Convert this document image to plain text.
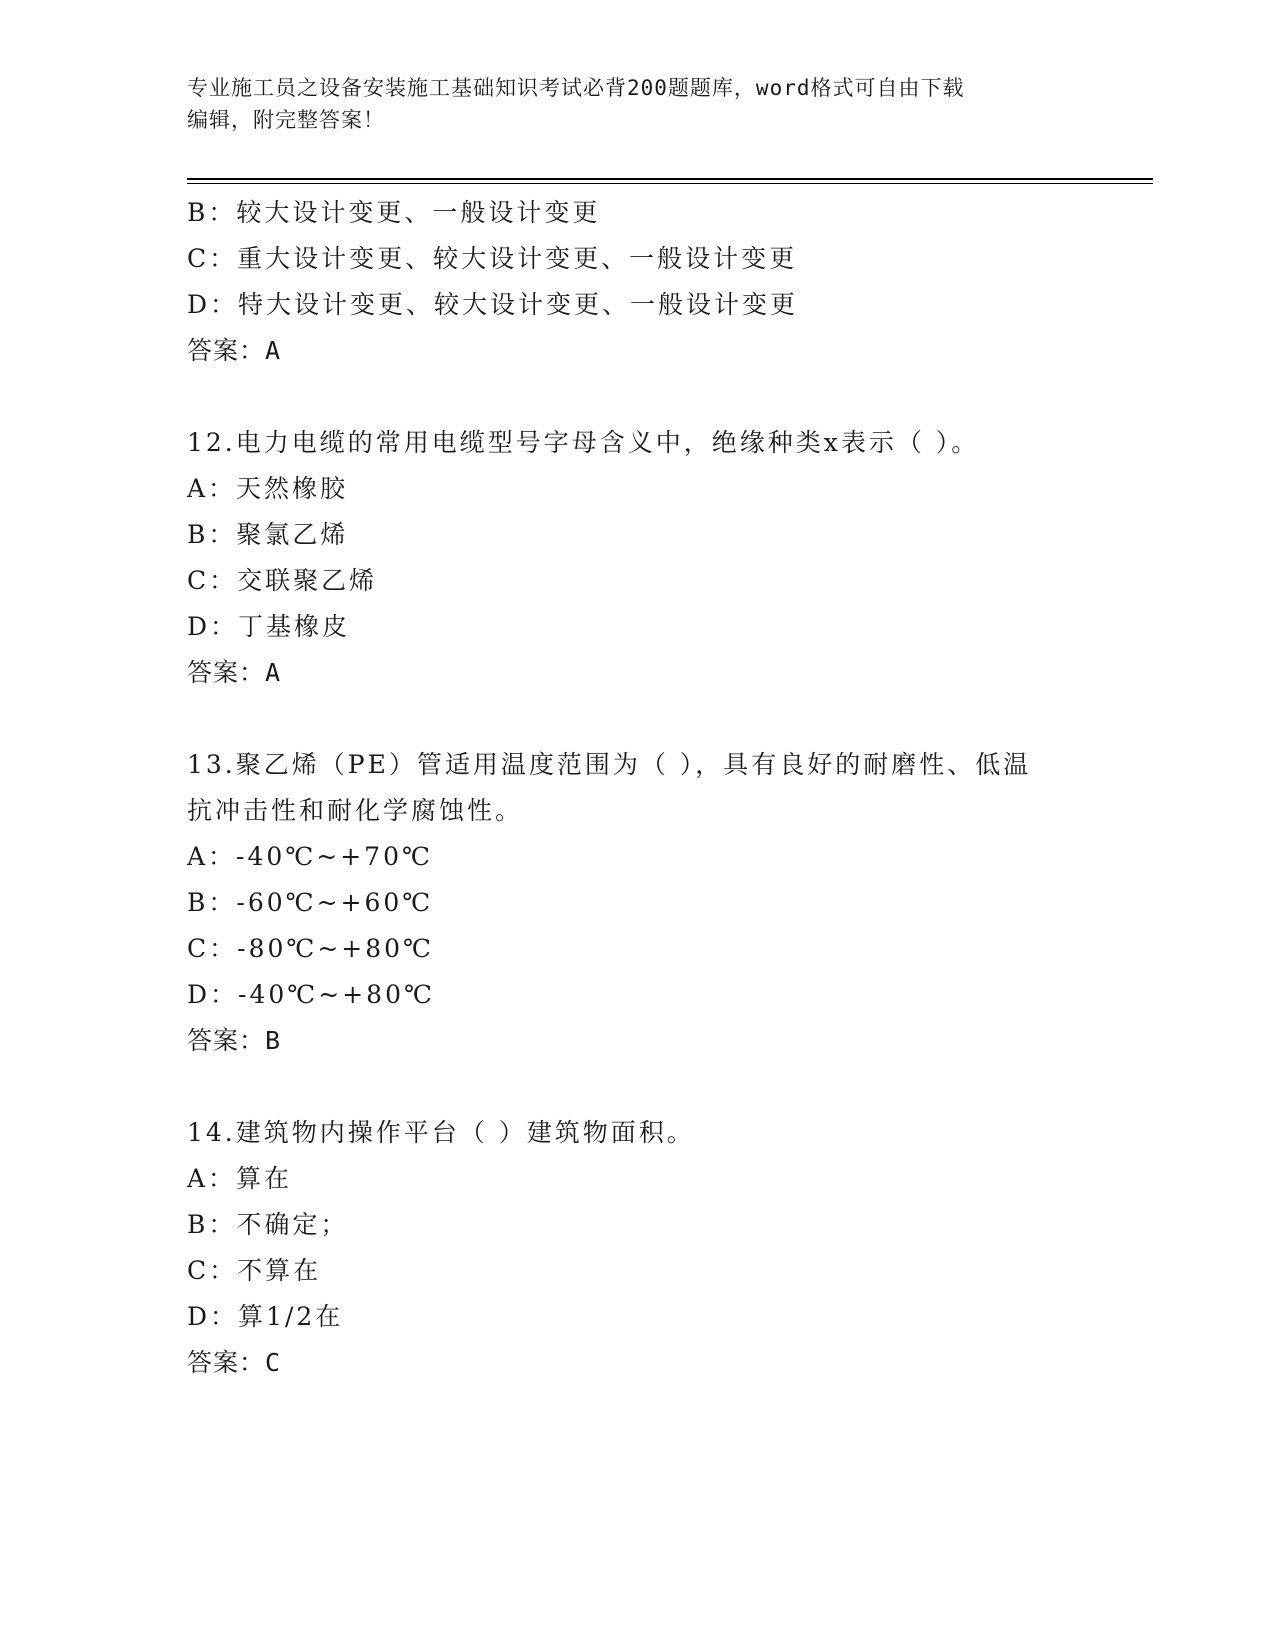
专业施工员之设备安装施工基础知识考试必背200题题库，word格式可自由下载
编辑，附完整答案！
B：较大设计变更、一般设计变更
C：重大设计变更、较大设计变更、一般设计变更
D：特大设计变更、较大设计变更、一般设计变更
答案：A
12.电力电缆的常用电缆型号字母含义中，绝缘种类x表示（ ）。
A：天然橡胶
B：聚氯乙烯
C：交联聚乙烯
D：丁基橡皮
答案：A
13.聚乙烯（PE）管适用温度范围为（ ），具有良好的耐磨性、低温
抗冲击性和耐化学腐蚀性。
A：-40℃~+70℃
B：-60℃~+60℃
C：-80℃~+80℃
D：-40℃~+80℃
答案：B
14.建筑物内操作平台（ ）建筑物面积。
A：算在
B：不确定；
C：不算在
D：算1/2在
答案：C
